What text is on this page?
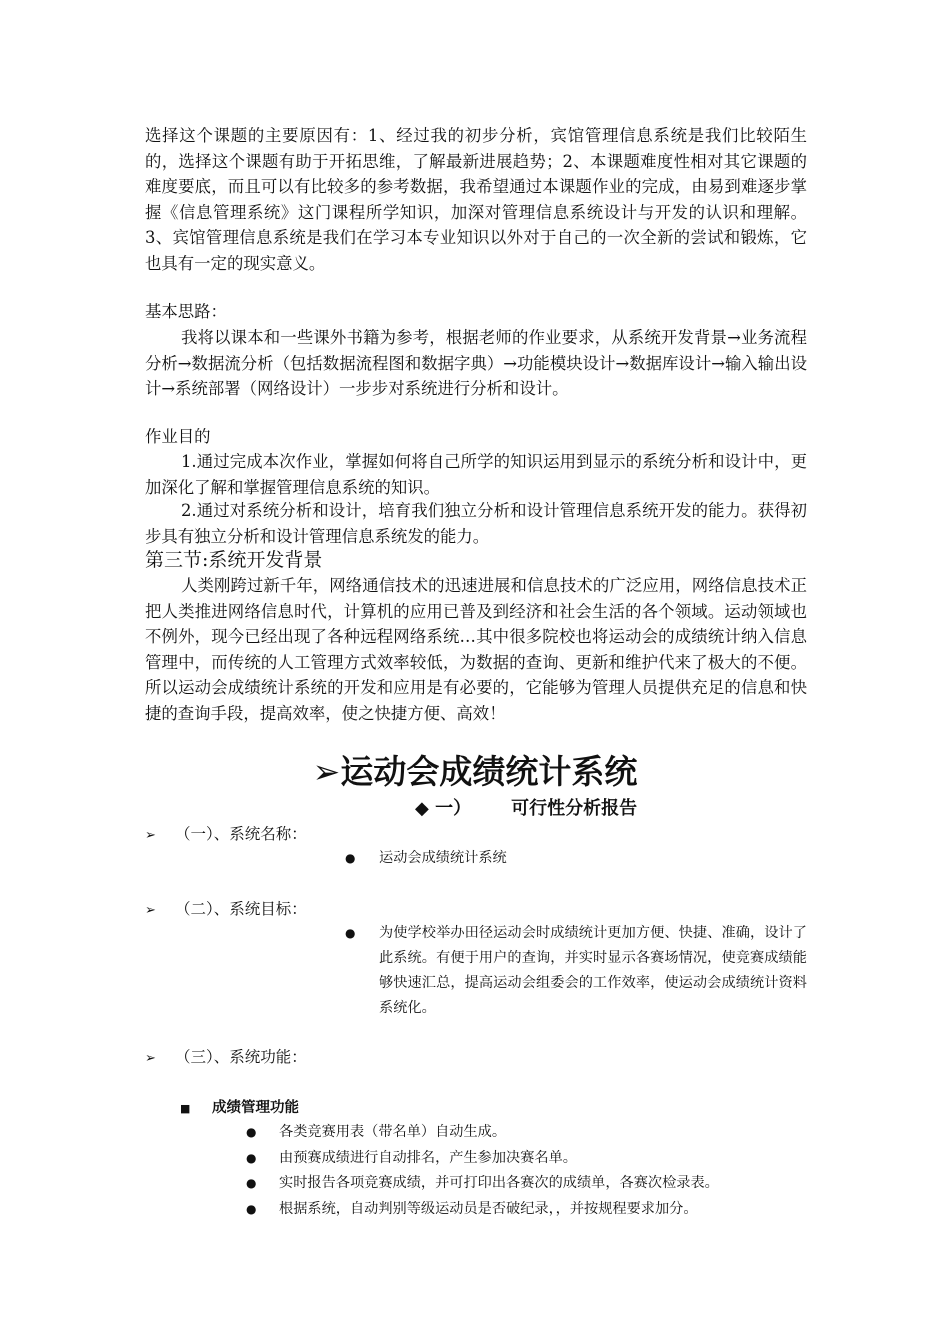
选择这个课题的主要原因有：1、经过我的初步分析，宾馆管理信息系统是我们比较陌生的，选择这个课题有助于开拓思维，了解最新进展趋势；2、本课题难度性相对其它课题的难度要底，而且可以有比较多的参考数据，我希望通过本课题作业的完成，由易到难逐步掌握《信息管理系统》这门课程所学知识，加深对管理信息系统设计与开发的认识和理解。3、宾馆管理信息系统是我们在学习本专业知识以外对于自己的一次全新的尝试和锻炼，它也具有一定的现实意义。

基本思路：

我将以课本和一些课外书籍为参考，根据老师的作业要求，从系统开发背景→业务流程分析→数据流分析（包括数据流程图和数据字典）→功能模块设计→数据库设计→输入输出设计→系统部署（网络设计）一步步对系统进行分析和设计。

作业目的

1.通过完成本次作业，掌握如何将自己所学的知识运用到显示的系统分析和设计中，更加深化了解和掌握管理信息系统的知识。

2.通过对系统分析和设计，培育我们独立分析和设计管理信息系统开发的能力。获得初步具有独立分析和设计管理信息系统发的能力。

第三节:系统开发背景

人类刚跨过新千年，网络通信技术的迅速进展和信息技术的广泛应用，网络信息技术正把人类推进网络信息时代，计算机的应用已普及到经济和社会生活的各个领域。运动领域也不例外，现今已经出现了各种远程网络系统…其中很多院校也将运动会的成绩统计纳入信息管理中，而传统的人工管理方式效率较低，为数据的查询、更新和维护代来了极大的不便。所以运动会成绩统计系统的开发和应用是有必要的，它能够为管理人员提供充足的信息和快捷的查询手段，提高效率，使之快捷方便、高效！

➢运动会成绩统计系统
◆ 一） 可行性分析报告

➢ （一）、系统名称：

● 运动会成绩统计系统

➢ （二）、系统目标：

● 为使学校举办田径运动会时成绩统计更加方便、快捷、准确，设计了此系统。有便于用户的查询，并实时显示各赛场情况，使竞赛成绩能够快速汇总，提高运动会组委会的工作效率，使运动会成绩统计资料系统化。

➢ （三）、系统功能：

■ 成绩管理功能

● 各类竞赛用表（带名单）自动生成。
● 由预赛成绩进行自动排名，产生参加决赛名单。
● 实时报告各项竞赛成绩，并可打印出各赛次的成绩单，各赛次检录表。
● 根据系统，自动判别等级运动员是否破纪录，，并按规程要求加分。
